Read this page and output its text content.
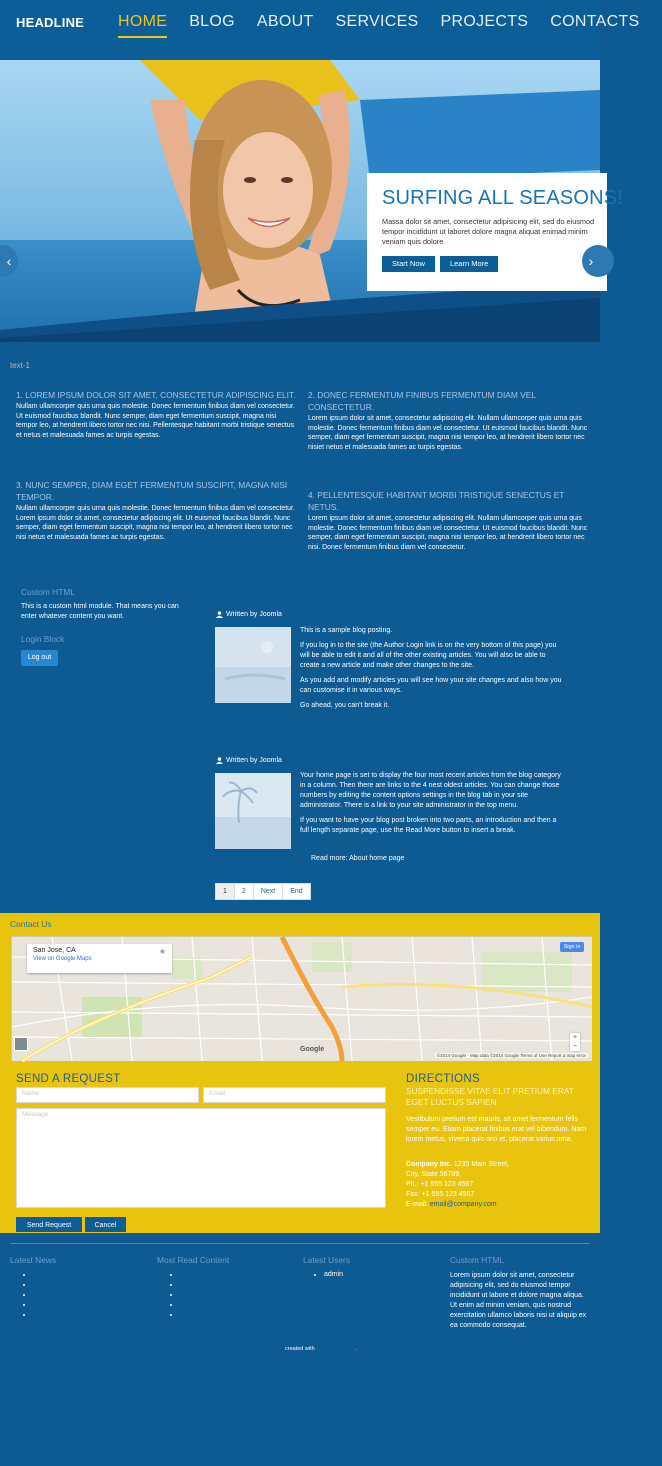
HEADLINE HOME BLOG ABOUT SERVICES PROJECTS CONTACTS
SURFING ALL SEASONS!
Massa dolor sit amet, consectetur adipisicing elit, sed do eiusmod tempor incididunt ut laboret dolore magna aliquat enimad minim veniam quis dolore
Start Now	Learn More
‹	›
text-1
1. LOREM IPSUM DOLOR SIT AMET, CONSECTETUR ADIPISCING ELIT.
Nullam ullamcorper quis urna quis molestie. Donec fermentum finibus diam vel consectetur. Ut euismod faucibus blandit. Nunc semper, diam eget fermentum suscipit, magna nisi tempor leo, at hendrerit libero tortor nec nisi. Pellentesque habitant morbi tristique senectus et netus et malesuada fames ac turpis egestas.
2. DONEC FERMENTUM FINIBUS FERMENTUM DIAM VEL CONSECTETUR.
Lorem ipsum dolor sit amet, consectetur adipiscing elit. Nullam ullamcorper quis urna quis molestie. Donec fermentum finibus diam vel consectetur. Ut euismod faucibus blandit. Nunc semper, diam eget fermentum suscipit, magna nisi tempor leo, at hendrerit libero tortor nec nisiet netus et malesuada fames ac turpis egestas.
3. NUNC SEMPER, DIAM EGET FERMENTUM SUSCIPIT, MAGNA NISI TEMPOR.
Nullam ullamcorper quis urna quis molestie. Donec fermentum finibus diam vel consectetur. Lorem ipsum dolor sit amet, consectetur adipiscing elit. Ut euismod faucibus blandit. Nunc semper, diam eget fermentum suscipit, magna nisi tempor leo, at hendrerit libero tortor nec nisi netus et malesuada fames ac turpis egestas.
4. PELLENTESQUE HABITANT MORBI TRISTIQUE SENECTUS ET NETUS.
Lorem ipsum dolor sit amet, consectetur adipiscing elit. Nullam ullamcorper quis urna quis molestie. Donec fermentum finibus diam vel consectetur. Ut euismod faucibus blandit. Nunc semper, diam eget fermentum suscipit, magna nisi tempor leo, at hendrerit libero tortor nec nisi. Donec fermentum finibus diam vel consectetur.
Custom HTML
This is a custom html module. That means you can enter whatever content you want.
Login Block
Log out
Written by Joomla

This is a sample blog posting.

If you log in to the site (the Author Login link is on the very bottom of this page) you will be able to edit it and all of the other existing articles. You will also be able to create a new article and make other changes to the site.

As you add and modify articles you will see how your site changes and also how you can customise it in various ways.

Go ahead, you can't break it.

Written by Joomla

Your home page is set to display the four most recent articles from the blog category in a column. Then there are links to the 4 nest oldest articles. You can change those numbers by editing the content options settings in the blog tab in your site administrator. There is a link to your site administrator in the top menu.

If you want to have your blog post broken into two parts, an introduction and then a full length separate page, use the Read More button to insert a break.

Read more: About home page
1	2	Next	End
Contact Us
San Jose, CA
View on Google Maps
★	Sign in
+
−
Google
©2014 Google · Map data ©2014 Google Terms of Use Report a map error
SEND A REQUEST
Name	Email
Message
Send Request	Cancel
DIRECTIONS
SUSPENDISSE VITAE ELIT PRETIUM ERAT EGET LUCTUS SAPIEN
Vestibulum pretium est mauris, sit amet fermentum felis semper eu. Etiam placerat finibus erat vel bibendum. Nam lorem metus, viverra quis orci et, placerat varius urna.
Company Inc. 1235 Main Street,
City, State 56789,
Ph.: +1 555 123 4567
Fax: +1 555 123 4567
E-mail: email@company.com
Latest News	Most Read Content	Latest Users
• admin
Custom HTML
Lorem ipsum dolor sit amet, consectetur adipisicing elit, sed do eiusmod tempor incididunt ut labore et dolore magna aliqua. Ut enim ad minim veniam, quis nostrud exercitation ullamco laboris nisi ut aliquip ex ea commodo consequat.
created with	.
